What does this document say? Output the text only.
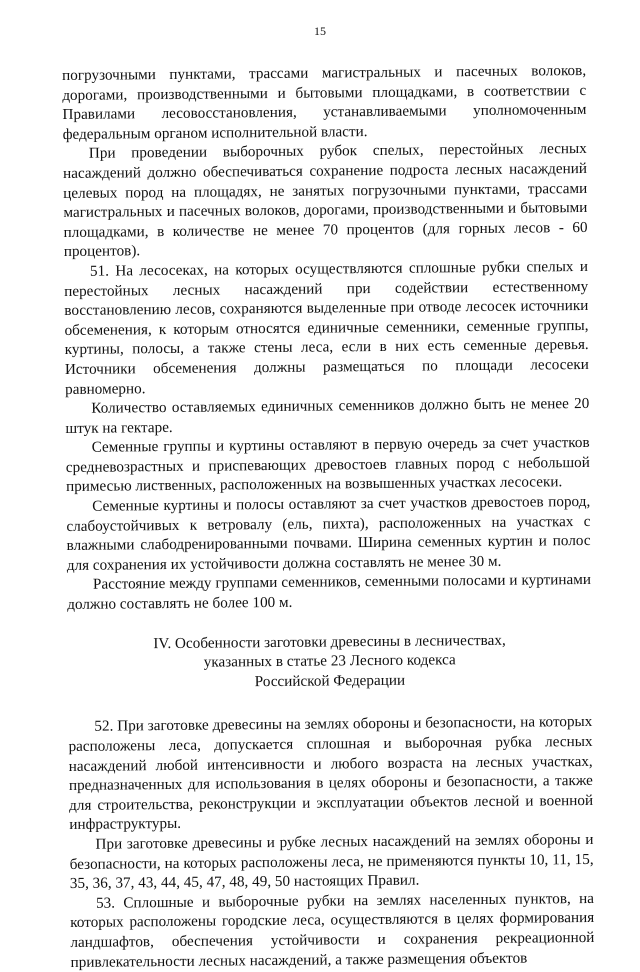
15

погрузочными пунктами, трассами магистральных и пасечных волоков, дорогами, производственными и бытовыми площадками, в соответствии с Правилами лесовосстановления, устанавливаемыми уполномоченным федеральным органом исполнительной власти.

При проведении выборочных рубок спелых, перестойных лесных насаждений должно обеспечиваться сохранение подроста лесных насаждений целевых пород на площадях, не занятых погрузочными пунктами, трассами магистральных и пасечных волоков, дорогами, производственными и бытовыми площадками, в количестве не менее 70 процентов (для горных лесов - 60 процентов).

51. На лесосеках, на которых осуществляются сплошные рубки спелых и перестойных лесных насаждений при содействии естественному восстановлению лесов, сохраняются выделенные при отводе лесосек источники обсеменения, к которым относятся единичные семенники, семенные группы, куртины, полосы, а также стены леса, если в них есть семенные деревья. Источники обсеменения должны размещаться по площади лесосеки равномерно.

Количество оставляемых единичных семенников должно быть не менее 20 штук на гектаре.

Семенные группы и куртины оставляют в первую очередь за счет участков средневозрастных и приспевающих древостоев главных пород с небольшой примесью лиственных, расположенных на возвышенных участках лесосеки.

Семенные куртины и полосы оставляют за счет участков древостоев пород, слабоустойчивых к ветровалу (ель, пихта), расположенных на участках с влажными слабодренированными почвами. Ширина семенных куртин и полос для сохранения их устойчивости должна составлять не менее 30 м.

Расстояние между группами семенников, семенными полосами и куртинами должно составлять не более 100 м.

IV. Особенности заготовки древесины в лесничествах,
указанных в статье 23 Лесного кодекса
Российской Федерации

52. При заготовке древесины на землях обороны и безопасности, на которых расположены леса, допускается сплошная и выборочная рубка лесных насаждений любой интенсивности и любого возраста на лесных участках, предназначенных для использования в целях обороны и безопасности, а также для строительства, реконструкции и эксплуатации объектов лесной и военной инфраструктуры.

При заготовке древесины и рубке лесных насаждений на землях обороны и безопасности, на которых расположены леса, не применяются пункты 10, 11, 15, 35, 36, 37, 43, 44, 45, 47, 48, 49, 50 настоящих Правил.

53. Сплошные и выборочные рубки на землях населенных пунктов, на которых расположены городские леса, осуществляются в целях формирования ландшафтов, обеспечения устойчивости и сохранения рекреационной привлекательности лесных насаждений, а также размещения объектов
